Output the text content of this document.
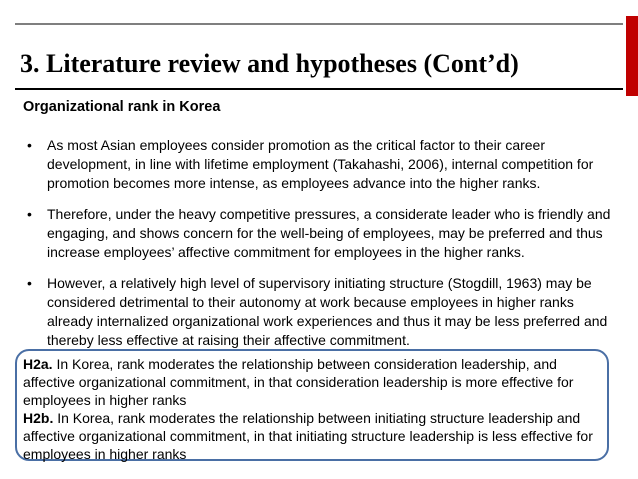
3. Literature review and hypotheses (Cont’d)
Organizational rank in Korea
• As most Asian employees consider promotion as the critical factor to their career development, in line with lifetime employment (Takahashi, 2006), internal competition for promotion becomes more intense, as employees advance into the higher ranks.
• Therefore, under the heavy competitive pressures, a considerate leader who is friendly and engaging, and shows concern for the well-being of employees, may be preferred and thus increase employees’ affective commitment for employees in the higher ranks.
• However, a relatively high level of supervisory initiating structure (Stogdill, 1963) may be considered detrimental to their autonomy at work because employees in higher ranks already internalized organizational work experiences and thus it may be less preferred and thereby less effective at raising their affective commitment.

H2a. In Korea, rank moderates the relationship between consideration leadership, and affective organizational commitment, in that consideration leadership is more effective for employees in higher ranks

H2b. In Korea, rank moderates the relationship between initiating structure leadership and affective organizational commitment, in that initiating structure leadership is less effective for employees in higher ranks
